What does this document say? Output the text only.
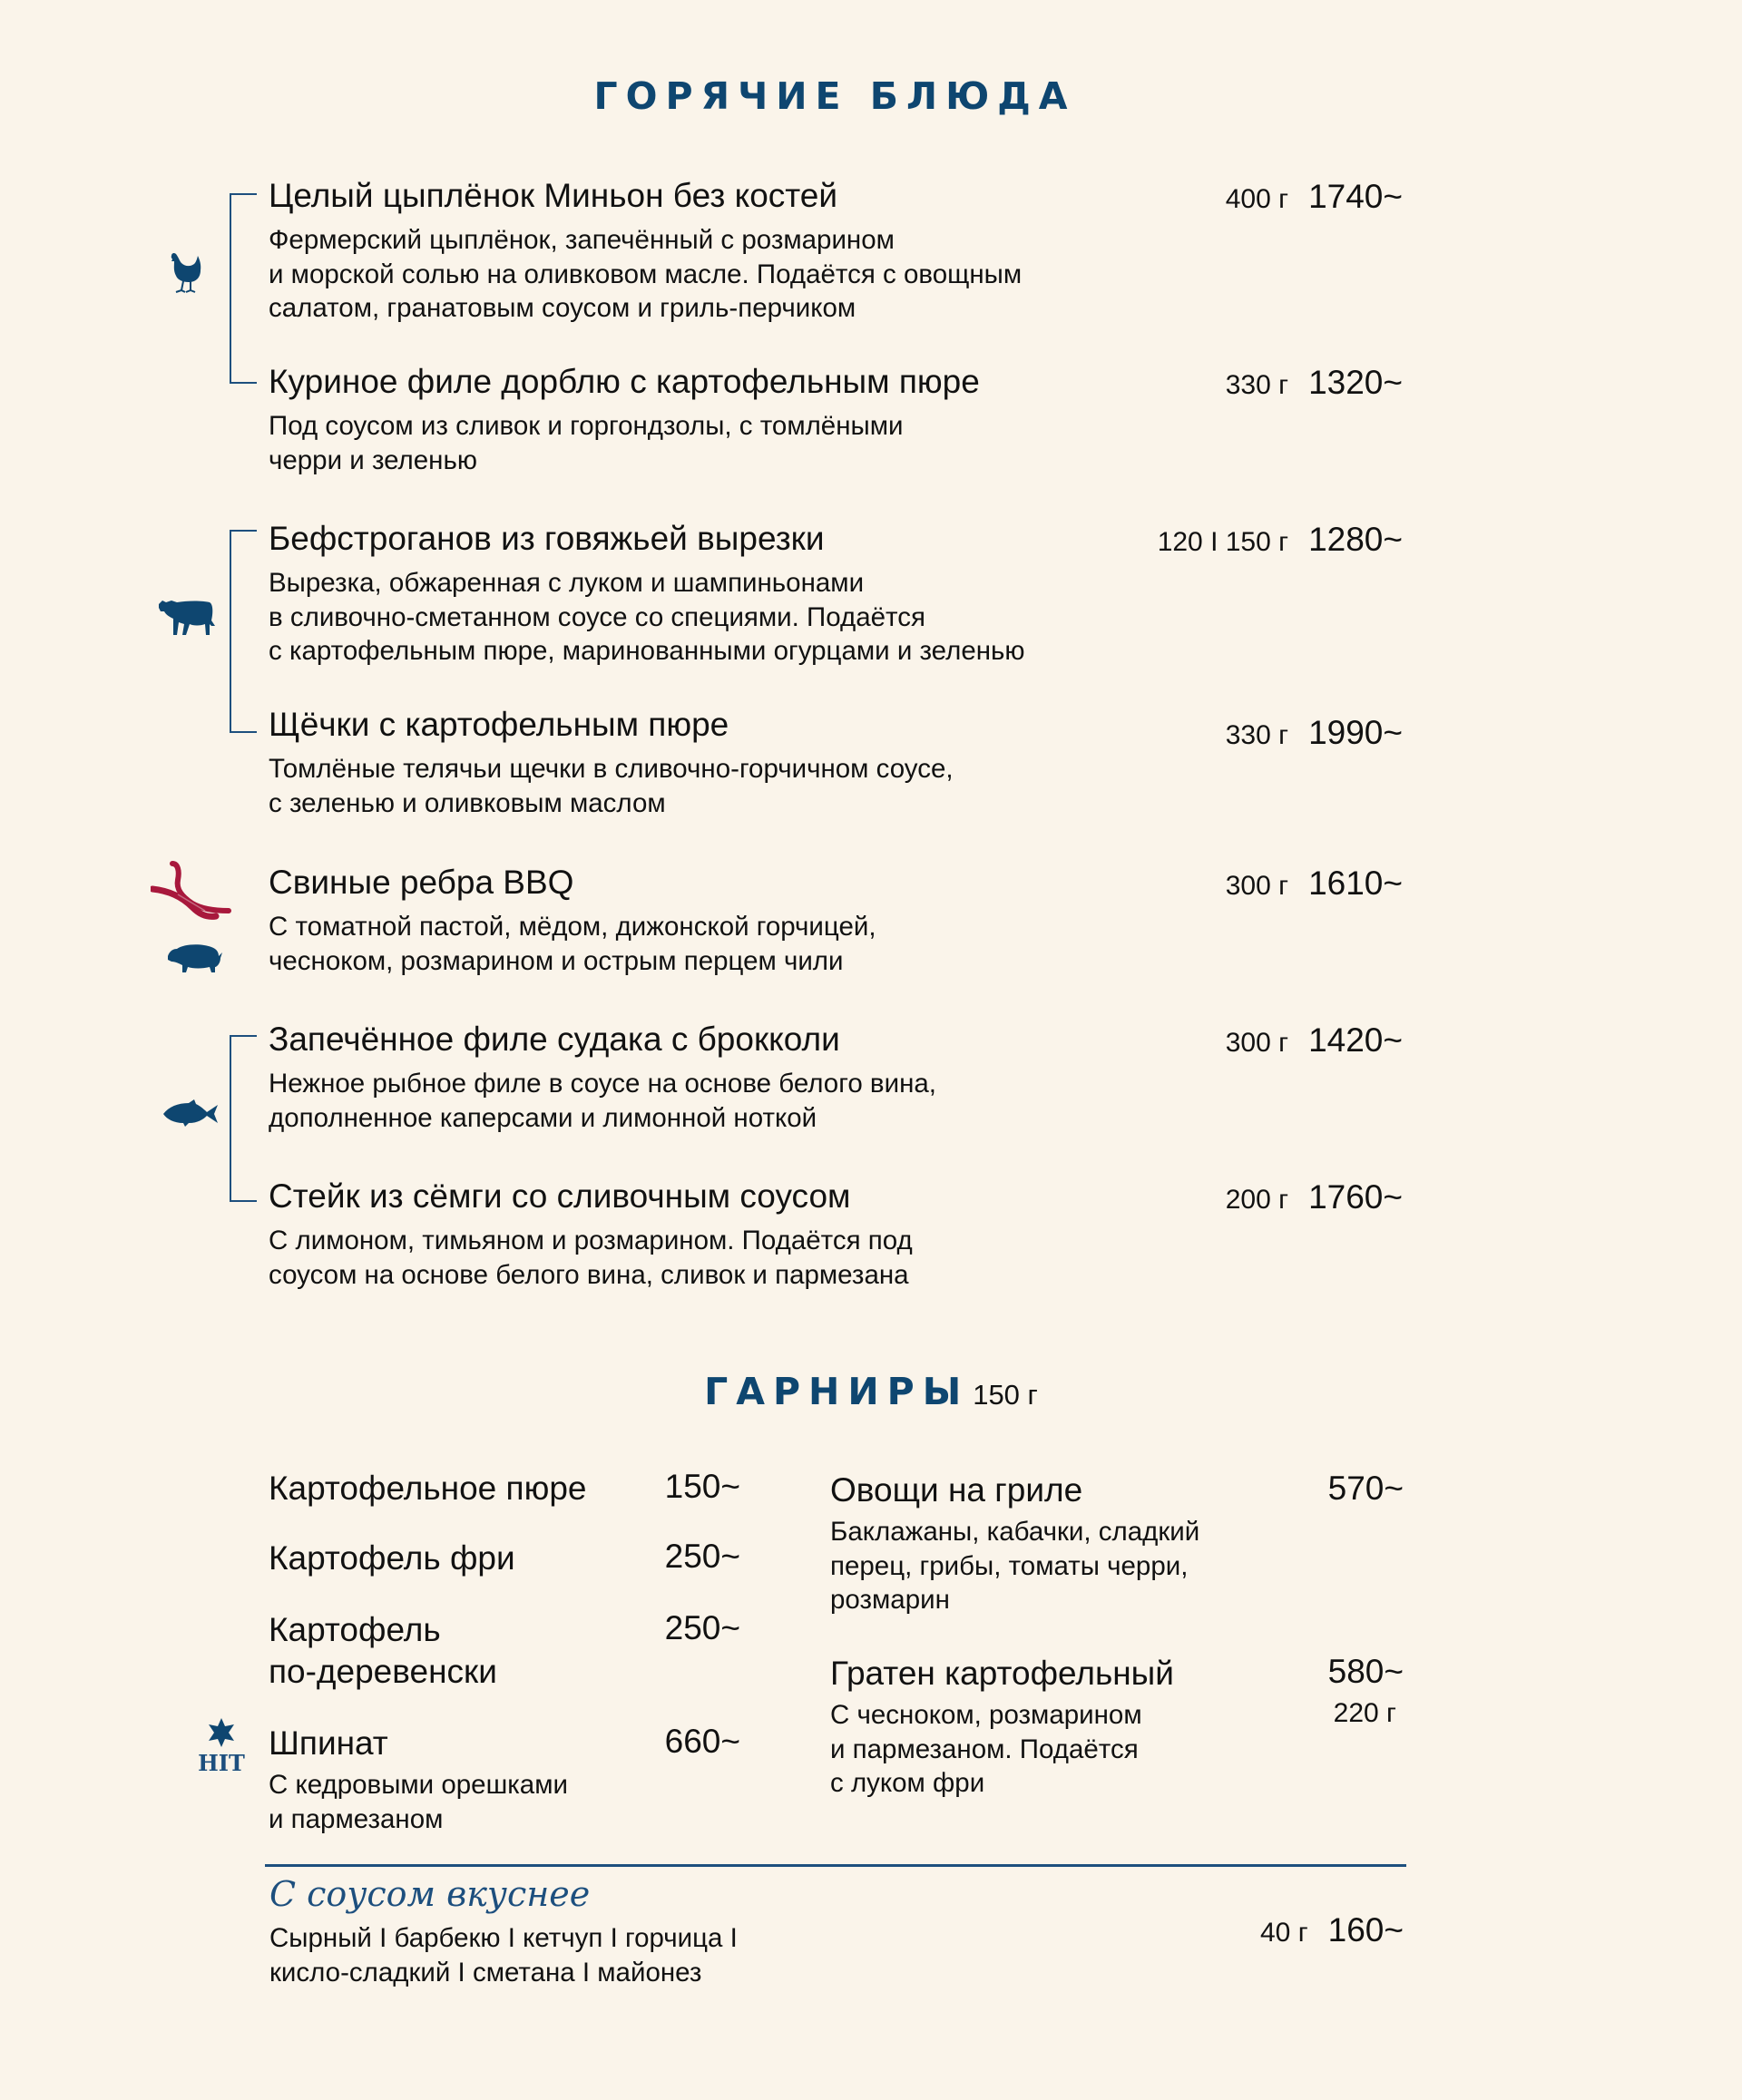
ГОРЯЧИЕ БЛЮДА
Целый цыплёнок Миньон без костей	400 г 1740~
Фермерский цыплёнок, запечённый с розмарином
и морской солью на оливковом масле. Подаётся с овощным
салатом, гранатовым соусом и гриль-перчиком
Куриное филе дорблю с картофельным пюре	330 г 1320~
Под соусом из сливок и горгондзолы, с томлёными
черри и зеленью
Бефстроганов из говяжьей вырезки	120 I 150 г 1280~
Вырезка, обжаренная с луком и шампиньонами
в сливочно-сметанном соусе со специями. Подаётся
с картофельным пюре, маринованными огурцами и зеленью
Щёчки с картофельным пюре	330 г 1990~
Томлёные телячьи щечки в сливочно-горчичном соусе,
с зеленью и оливковым маслом
Свиные ребра BBQ	300 г 1610~
С томатной пастой, мёдом, дижонской горчицей,
чесноком, розмарином и острым перцем чили
Запечённое филе судака с брокколи	300 г 1420~
Нежное рыбное филе в соусе на основе белого вина,
дополненное каперсами и лимонной ноткой
Стейк из сёмги со сливочным соусом	200 г 1760~
С лимоном, тимьяном и розмарином. Подаётся под
соусом на основе белого вина, сливок и пармезана
ГАРНИРЫ 150 г
Картофельное пюре	150~
Картофель фри	250~
Картофель
по-деревенски
250~
Шпинат
С кедровыми орешками
и пармезаном
660~
HIT
Овощи на гриле
Баклажаны, кабачки, сладкий
перец, грибы, томаты черри,
розмарин
570~
Гратен картофельный
С чесноком, розмарином
и пармезаном. Подаётся
с луком фри
580~
220 г
С соусом вкуснее
Сырный I барбекю I кетчуп I горчица I
кисло-сладкий I сметана I майонез
40 г 160~
